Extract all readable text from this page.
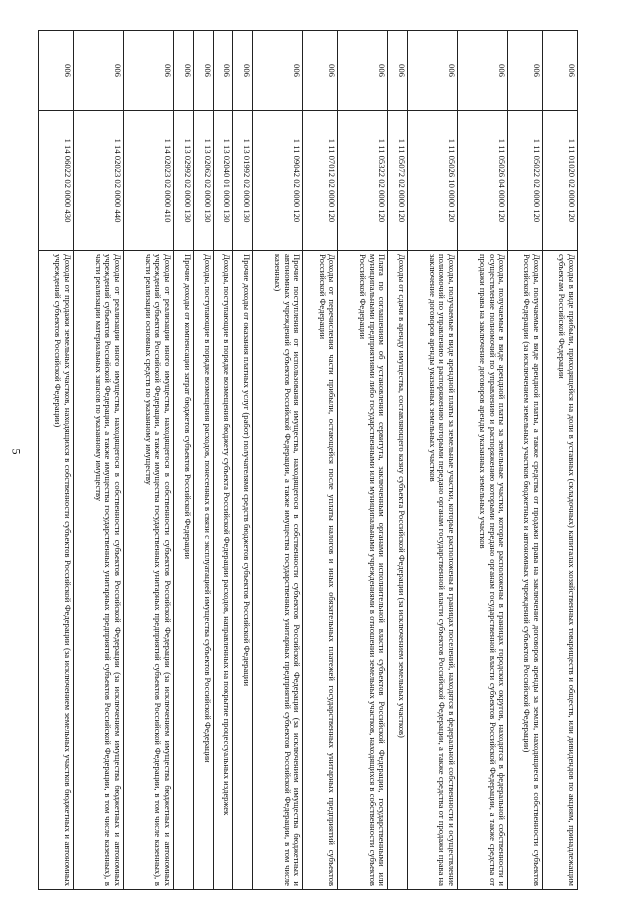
5
006	1 11 01020 02 0000 120	Доходы в виде прибыли, приходящейся на доли в уставных (складочных) капиталах хозяйственных товариществ и обществ, или дивидендов по акциям, принадлежащим субъектам Российской Федерации
006	1 11 05022 02 0000 120	Доходы, получаемые в виде арендной платы, а также средства от продажи права на заключение договоров аренды за земли, находящиеся в собственности субъектов Российской Федерации (за исключением земельных участков бюджетных и автономных учреждений субъектов Российской Федерации)
006	1 11 05026 04 0000 120	Доходы, получаемые в виде арендной платы за земельные участки, которые расположены в границах городских округов, находятся в федеральной собственности и осуществление полномочий по управлению и распоряжению которыми передано органам государственной власти субъектов Российской Федерации, а также средства от продажи права на заключение договоров аренды указанных земельных участков
006	1 11 05026 10 0000 120	Доходы, получаемые в виде арендной платы за земельные участки, которые расположены в границах поселений, находятся в федеральной собственности и осуществление полномочий по управлению и распоряжению которыми передано органам государственной власти субъектов Российской Федерации, а также средства от продажи права на заключение договоров аренды указанных земельных участков
006	1 11 05072 02 0000 120	Доходы от сдачи в аренду имущества, составляющего казну субъекта Российской Федерации (за исключением земельных участков)
006	1 11 05322 02 0000 120	Плата по соглашениям об установлении сервитута, заключенным органами исполнительной власти субъектов Российской Федерации, государственными или муниципальными предприятиями либо государственными или муниципальными учреждениями в отношении земельных участков, находящихся в собственности субъектов Российской Федерации
006	1 11 07012 02 0000 120	Доходы от перечисления части прибыли, остающейся после уплаты налогов и иных обязательных платежей государственных унитарных предприятий субъектов Российской Федерации
006	1 11 09042 02 0000 120	Прочие поступления от использования имущества, находящегося в собственности субъектов Российской Федерации (за исключением имущества бюджетных и автономных учреждений субъектов Российской Федерации, а также имущества государственных унитарных предприятий субъектов Российской Федерации, в том числе казенных)
006	1 13 01992 02 0000 130	Прочие доходы от оказания платных услуг (работ) получателями средств бюджетов субъектов Российской Федерации
006	1 13 02040 01 0000 130	Доходы, поступающие в порядке возмещения бюджету субъекта Российской Федерации расходов, направленных на покрытие процессуальных издержек
006	1 13 02062 02 0000 130	Доходы, поступающие в порядке возмещения расходов, понесенных в связи с эксплуатацией имущества субъектов Российской Федерации
006	1 13 02992 02 0000 130	Прочие доходы от компенсации затрат бюджетов субъектов Российской Федерации
006	1 14 02023 02 0000 410	Доходы от реализации иного имущества, находящегося в собственности субъектов Российской Федерации (за исключением имущества бюджетных и автономных учреждений субъектов Российской Федерации, а также имущества государственных унитарных предприятий субъектов Российской Федерации, в том числе казенных), в части реализации основных средств по указанному имуществу
006	1 14 02023 02 0000 440	Доходы от реализации иного имущества, находящегося в собственности субъектов Российской Федерации (за исключением имущества бюджетных и автономных учреждений субъектов Российской Федерации, а также имущества государственных унитарных предприятий субъектов Российской Федерации, в том числе казенных), в части реализации материальных запасов по указанному имуществу
006	1 14 06022 02 0000 430	Доходы от продажи земельных участков, находящихся в собственности субъектов Российской Федерации (за исключением земельных участков бюджетных и автономных учреждений субъектов Российской Федерации)
